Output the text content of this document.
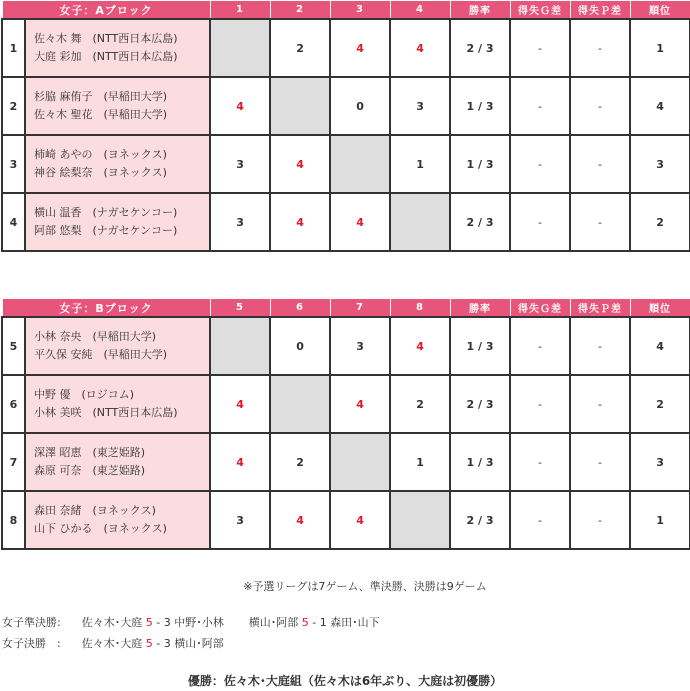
女子：Aブロック		1	2	3	4	勝率	得失Ｇ差	得失Ｐ差	順位
1	佐々木 舞　(NTT西日本広島)
大庭 彩加　(NTT西日本広島)		2	4	4	2 / 3	-	-	1
2	杉脇 麻侑子　(早稲田大学)
佐々木 聖花　(早稲田大学)	4		0	3	1 / 3	-	-	4
3	柿崎 あやの　(ヨネックス)
神谷 絵梨奈　(ヨネックス)	3	4		1	1 / 3	-	-	3
4	横山 温香　(ナガセケンコー)
阿部 悠梨　(ナガセケンコー)	3	4	4		2 / 3	-	-	2
女子：Bブロック		5	6	7	8	勝率	得失Ｇ差	得失Ｐ差	順位
5	小林 奈央　(早稲田大学)
平久保 安純　(早稲田大学)		0	3	4	1 / 3	-	-	4
6	中野 優　(ロジコム)
小林 美咲　(NTT西日本広島)	4		4	2	2 / 3	-	-	2
7	深澤 昭恵　(東芝姫路)
森原 可奈　(東芝姫路)	4	2		1	1 / 3	-	-	3
8	森田 奈緒　(ヨネックス)
山下 ひかる　(ヨネックス)	3	4	4		2 / 3	-	-	1
※予選リーグは7ゲーム、準決勝、決勝は9ゲーム
女子準決勝: 佐々木･大庭 5 - 3 中野･小林 横山･阿部 5 - 1 森田･山下
女子決勝　: 佐々木･大庭 5 - 3 横山･阿部
優勝：佐々木･大庭組（佐々木は6年ぶり、大庭は初優勝）
